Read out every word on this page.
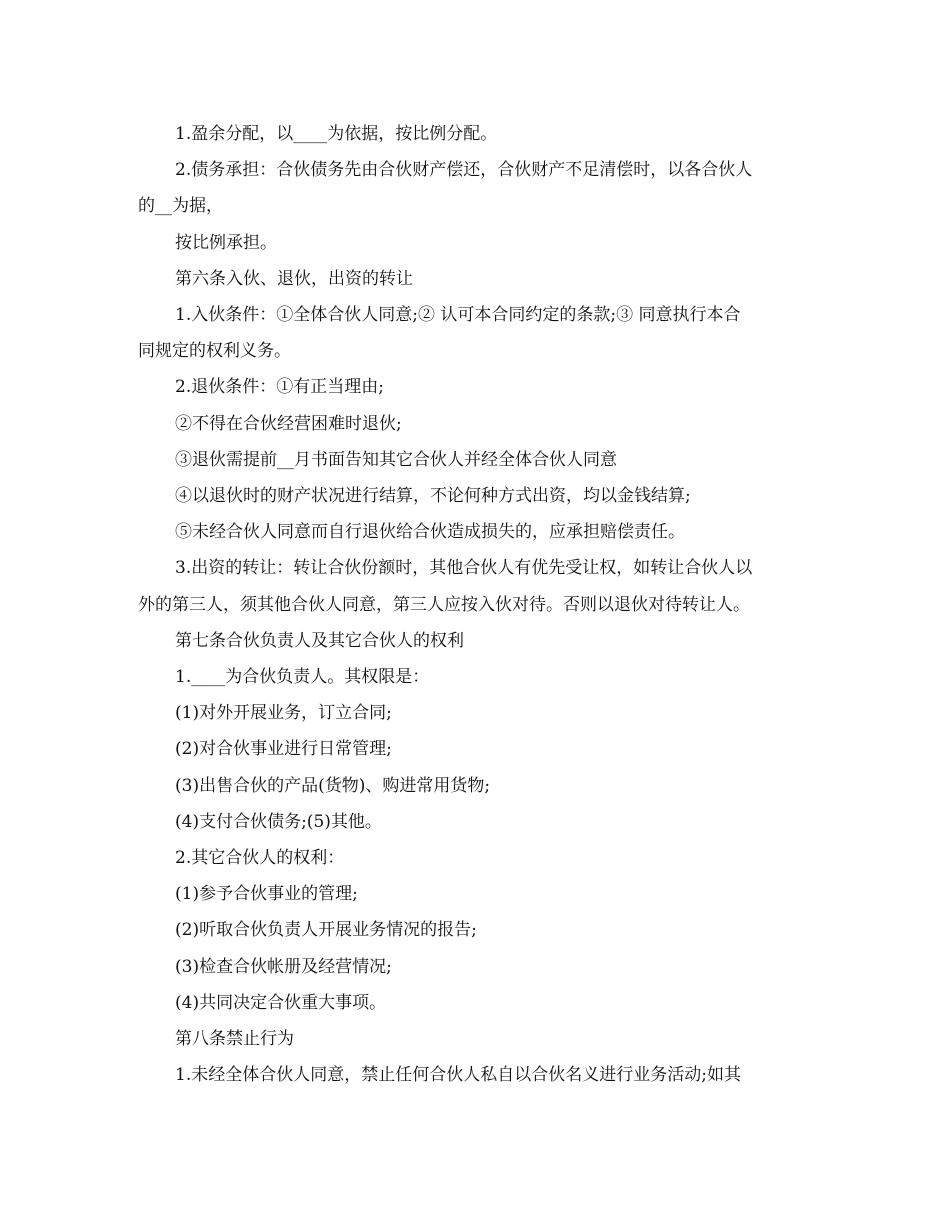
1.盈余分配，以____为依据，按比例分配。
2.债务承担：合伙债务先由合伙财产偿还，合伙财产不足清偿时，以各合伙人
的__为据，
按比例承担。
第六条入伙、退伙，出资的转让
1.入伙条件：①全体合伙人同意;② 认可本合同约定的条款;③ 同意执行本合
同规定的权利义务。
2.退伙条件：①有正当理由;
②不得在合伙经营困难时退伙;
③退伙需提前__月书面告知其它合伙人并经全体合伙人同意
④以退伙时的财产状况进行结算，不论何种方式出资，均以金钱结算;
⑤未经合伙人同意而自行退伙给合伙造成损失的，应承担赔偿责任。
3.出资的转让：转让合伙份额时，其他合伙人有优先受让权，如转让合伙人以
外的第三人，须其他合伙人同意，第三人应按入伙对待。否则以退伙对待转让人。
第七条合伙负责人及其它合伙人的权利
1.____为合伙负责人。其权限是：
(1)对外开展业务，订立合同;
(2)对合伙事业进行日常管理;
(3)出售合伙的产品(货物)、购进常用货物;
(4)支付合伙债务;(5)其他。
2.其它合伙人的权利：
(1)参予合伙事业的管理;
(2)听取合伙负责人开展业务情况的报告;
(3)检查合伙帐册及经营情况;
(4)共同决定合伙重大事项。
第八条禁止行为
1.未经全体合伙人同意，禁止任何合伙人私自以合伙名义进行业务活动;如其
